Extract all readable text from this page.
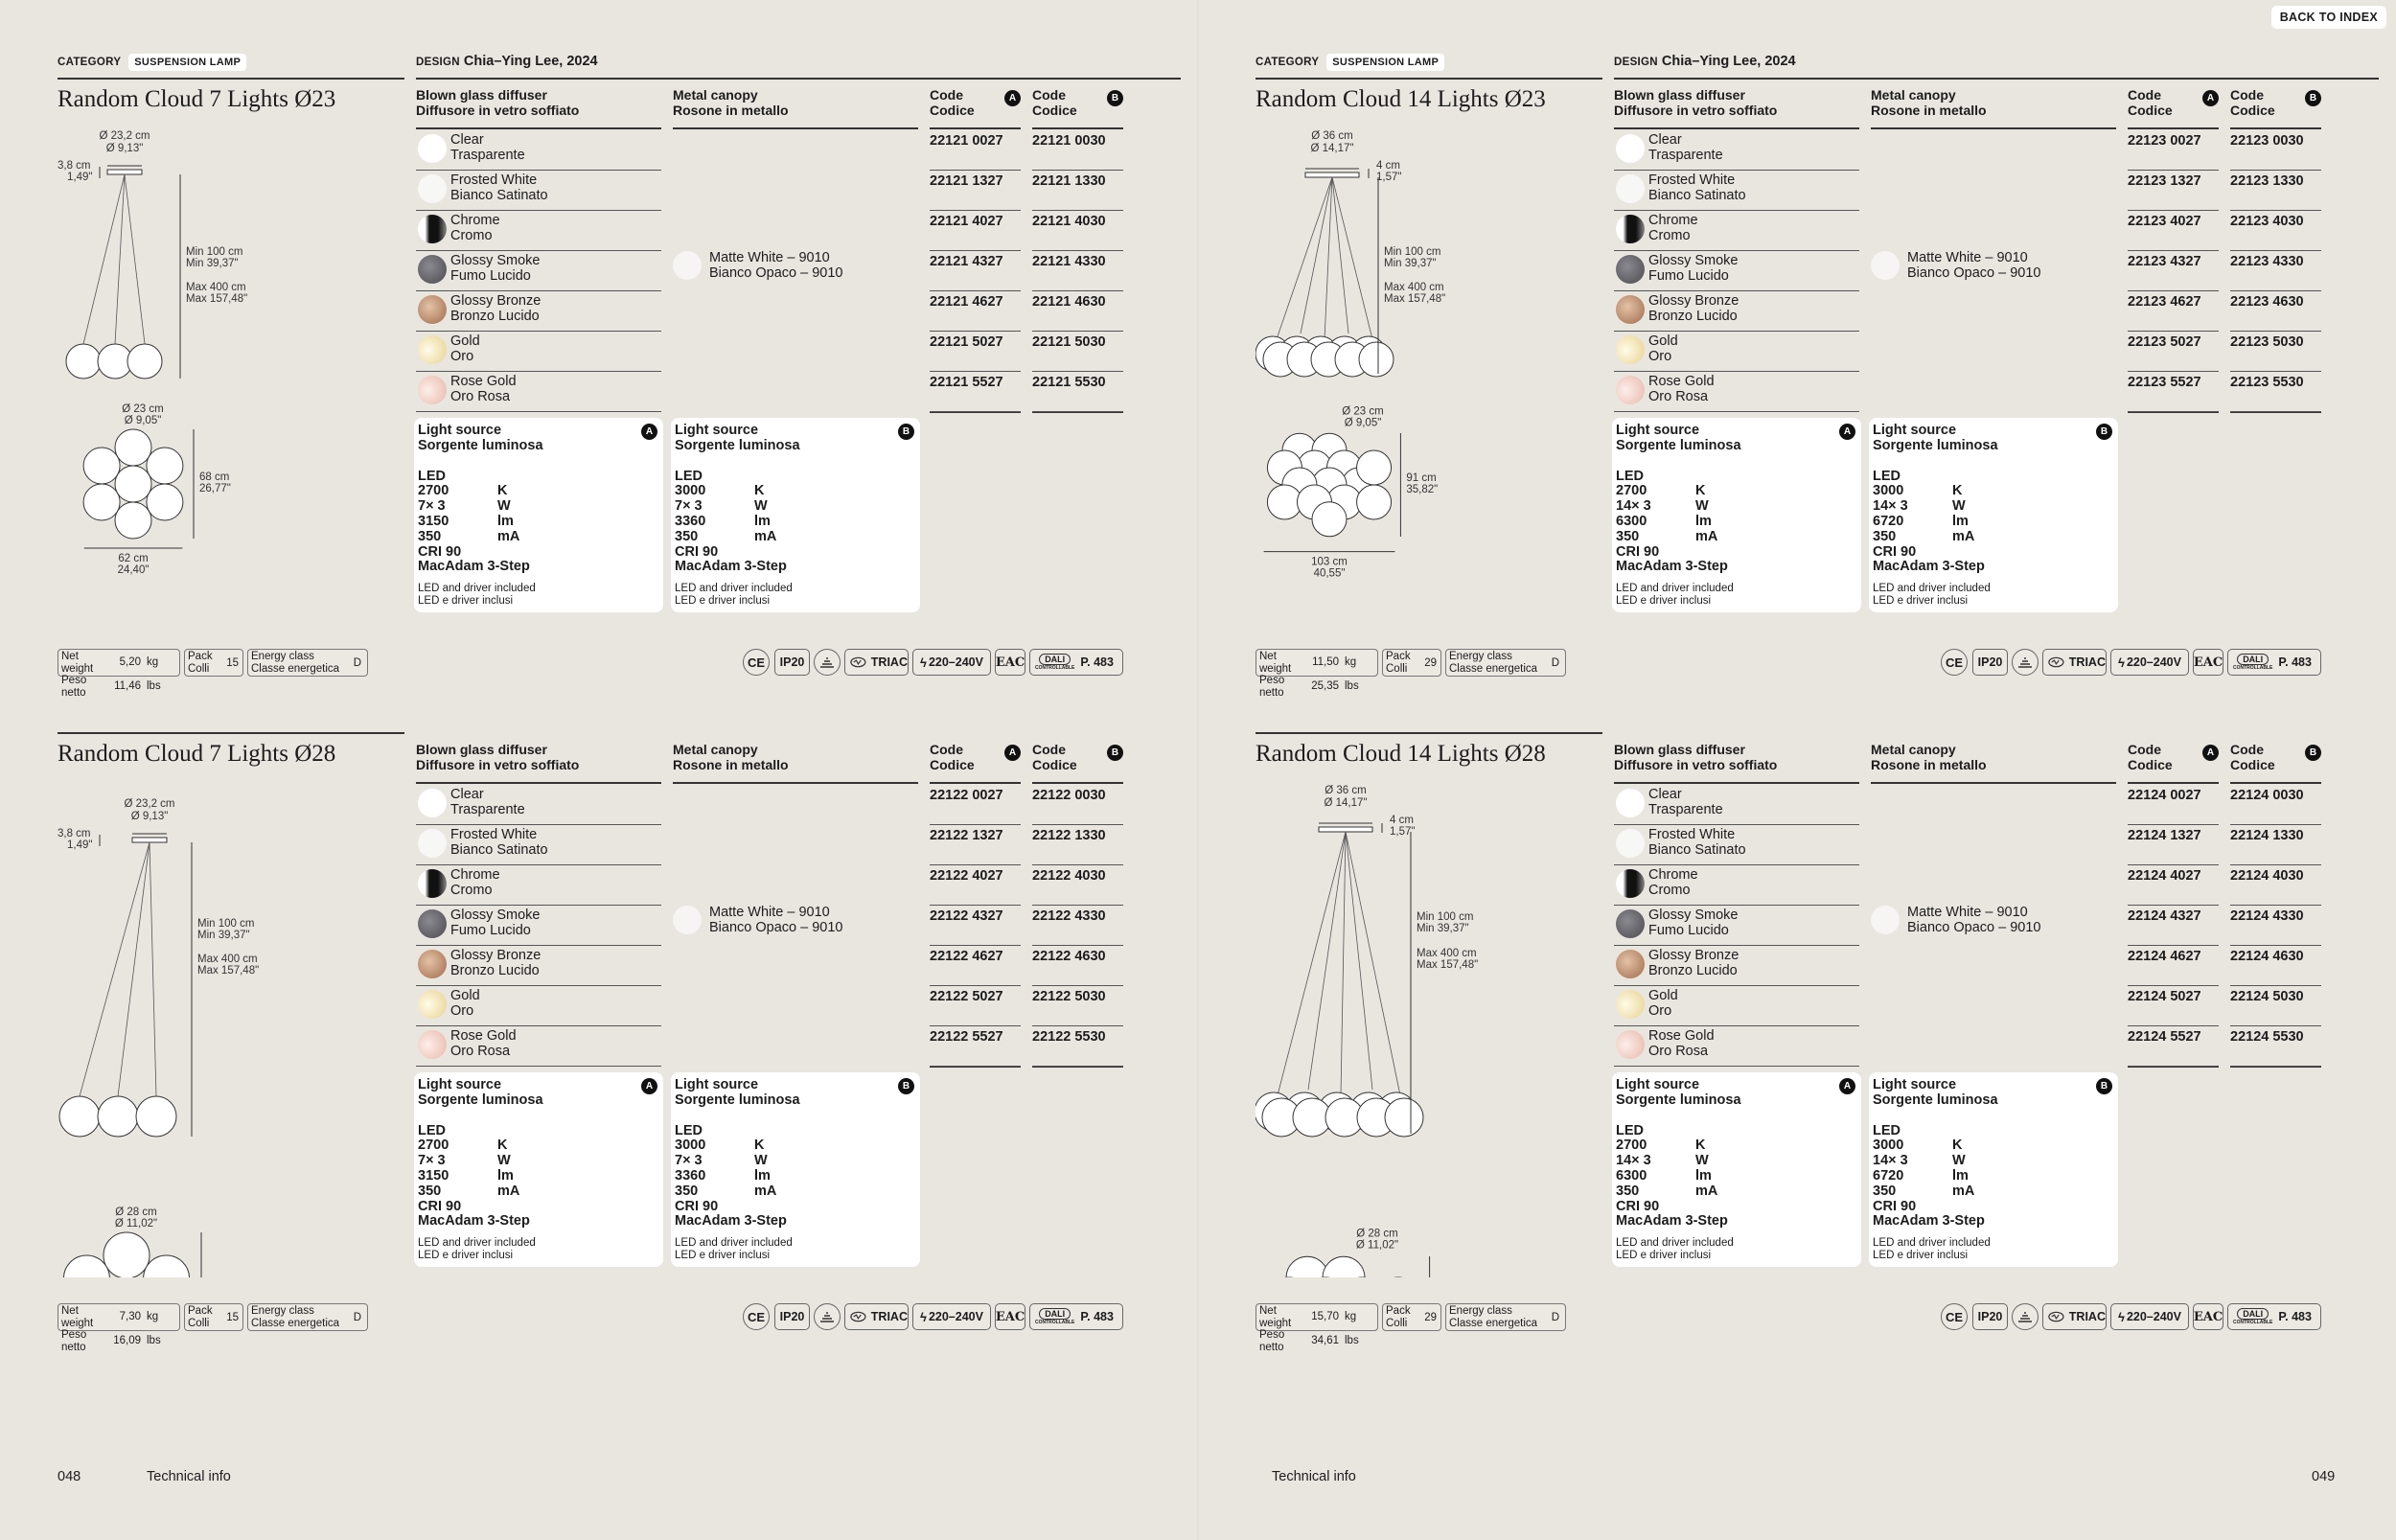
048	Technical info
CATEGORY	SUSPENSION LAMP	DESIGN Chia–Ying Lee, 2024
Random Cloud 7 Lights Ø23	Blown glass diffuser
Diffusore in vetro soffiato
Metal canopy
Rosone in metallo
Code
Codice
A	Code
Codice
B
Clear
Trasparente
22121 0027	22121 0030
Frosted White
Bianco Satinato
22121 1327	22121 1330
Chrome
Cromo
22121 4027	22121 4030
Glossy Smoke
Fumo Lucido
22121 4327	22121 4330
Glossy Bronze
Bronzo Lucido
22121 4627	22121 4630
Gold
Oro
22121 5027	22121 5030
Rose Gold
Oro Rosa
22121 5527	22121 5530
Matte White – 9010
Bianco Opaco – 9010
A
Light source
Sorgente luminosa
LED	
2700	K
7× 3	W
3150	lm
350	mA
CRI 90	
MacAdam 3-Step	
LED and driver included
LED e driver inclusi
B
Light source
Sorgente luminosa
LED	
3000	K
7× 3	W
3360	lm
350	mA
CRI 90	
MacAdam 3-Step	
LED and driver included
LED e driver inclusi
Net weight	5,20	kg
Peso netto	11,46	lbs
Pack
Colli 15
Energy class
Classe energetica D	CE IP20	TRIAC ϟ 220–240V EAC	DALI
CONTROLLABLE P. 483
Ø 23,2 cm
Ø 9,13"
3,8 cm
1,49"
Min 100 cm
Min 39,37"
Max 400 cm
Max 157,48"
Ø 23 cm
Ø 9,05"
68 cm
26,77"
62 cm
24,40"
Random Cloud 7 Lights Ø28	Blown glass diffuser
Diffusore in vetro soffiato
Metal canopy
Rosone in metallo
Code
Codice
A	Code
Codice
B
Clear
Trasparente
22122 0027	22122 0030
Frosted White
Bianco Satinato
22122 1327	22122 1330
Chrome
Cromo
22122 4027	22122 4030
Glossy Smoke
Fumo Lucido
22122 4327	22122 4330
Glossy Bronze
Bronzo Lucido
22122 4627	22122 4630
Gold
Oro
22122 5027	22122 5030
Rose Gold
Oro Rosa
22122 5527	22122 5530
Matte White – 9010
Bianco Opaco – 9010
A
Light source
Sorgente luminosa
LED	
2700	K
7× 3	W
3150	lm
350	mA
CRI 90	
MacAdam 3-Step	
LED and driver included
LED e driver inclusi
B
Light source
Sorgente luminosa
LED	
3000	K
7× 3	W
3360	lm
350	mA
CRI 90	
MacAdam 3-Step	
LED and driver included
LED e driver inclusi
Net weight	7,30	kg
Peso netto	16,09	lbs
Pack
Colli 15
Energy class
Classe energetica D	CE IP20	TRIAC ϟ 220–240V EAC	DALI
CONTROLLABLE P. 483
Ø 23,2 cm
Ø 9,13"
3,8 cm
1,49"
Min 100 cm
Min 39,37"
Max 400 cm
Max 157,48"
Ø 28 cm
Ø 11,02"
BACK TO INDEX
Technical info	049
CATEGORY	SUSPENSION LAMP	DESIGN Chia–Ying Lee, 2024
Random Cloud 14 Lights Ø23	Blown glass diffuser
Diffusore in vetro soffiato
Metal canopy
Rosone in metallo
Code
Codice
A	Code
Codice
B
Clear
Trasparente
22123 0027	22123 0030
Frosted White
Bianco Satinato
22123 1327	22123 1330
Chrome
Cromo
22123 4027	22123 4030
Glossy Smoke
Fumo Lucido
22123 4327	22123 4330
Glossy Bronze
Bronzo Lucido
22123 4627	22123 4630
Gold
Oro
22123 5027	22123 5030
Rose Gold
Oro Rosa
22123 5527	22123 5530
Matte White – 9010
Bianco Opaco – 9010
A
Light source
Sorgente luminosa
LED	
2700	K
14× 3	W
6300	lm
350	mA
CRI 90	
MacAdam 3-Step	
LED and driver included
LED e driver inclusi
B
Light source
Sorgente luminosa
LED	
3000	K
14× 3	W
6720	lm
350	mA
CRI 90	
MacAdam 3-Step	
LED and driver included
LED e driver inclusi
Net weight	11,50	kg
Peso netto	25,35	lbs
Pack
Colli 29
Energy class
Classe energetica D	CE IP20	TRIAC ϟ 220–240V EAC	DALI
CONTROLLABLE P. 483
Ø 36 cm
Ø 14,17"
4 cm
1,57"
Min 100 cm
Min 39,37"
Max 400 cm
Max 157,48"
Ø 23 cm
Ø 9,05"
91 cm
35,82"
103 cm
40,55"
Random Cloud 14 Lights Ø28	Blown glass diffuser
Diffusore in vetro soffiato
Metal canopy
Rosone in metallo
Code
Codice
A	Code
Codice
B
Clear
Trasparente
22124 0027	22124 0030
Frosted White
Bianco Satinato
22124 1327	22124 1330
Chrome
Cromo
22124 4027	22124 4030
Glossy Smoke
Fumo Lucido
22124 4327	22124 4330
Glossy Bronze
Bronzo Lucido
22124 4627	22124 4630
Gold
Oro
22124 5027	22124 5030
Rose Gold
Oro Rosa
22124 5527	22124 5530
Matte White – 9010
Bianco Opaco – 9010
A
Light source
Sorgente luminosa
LED	
2700	K
14× 3	W
6300	lm
350	mA
CRI 90	
MacAdam 3-Step	
LED and driver included
LED e driver inclusi
B
Light source
Sorgente luminosa
LED	
3000	K
14× 3	W
6720	lm
350	mA
CRI 90	
MacAdam 3-Step	
LED and driver included
LED e driver inclusi
Net weight	15,70	kg
Peso netto	34,61	lbs
Pack
Colli 29
Energy class
Classe energetica D	CE IP20	TRIAC ϟ 220–240V EAC	DALI
CONTROLLABLE P. 483
Ø 36 cm
Ø 14,17"
4 cm
1,57"
Min 100 cm
Min 39,37"
Max 400 cm
Max 157,48"
Ø 28 cm
Ø 11,02"
